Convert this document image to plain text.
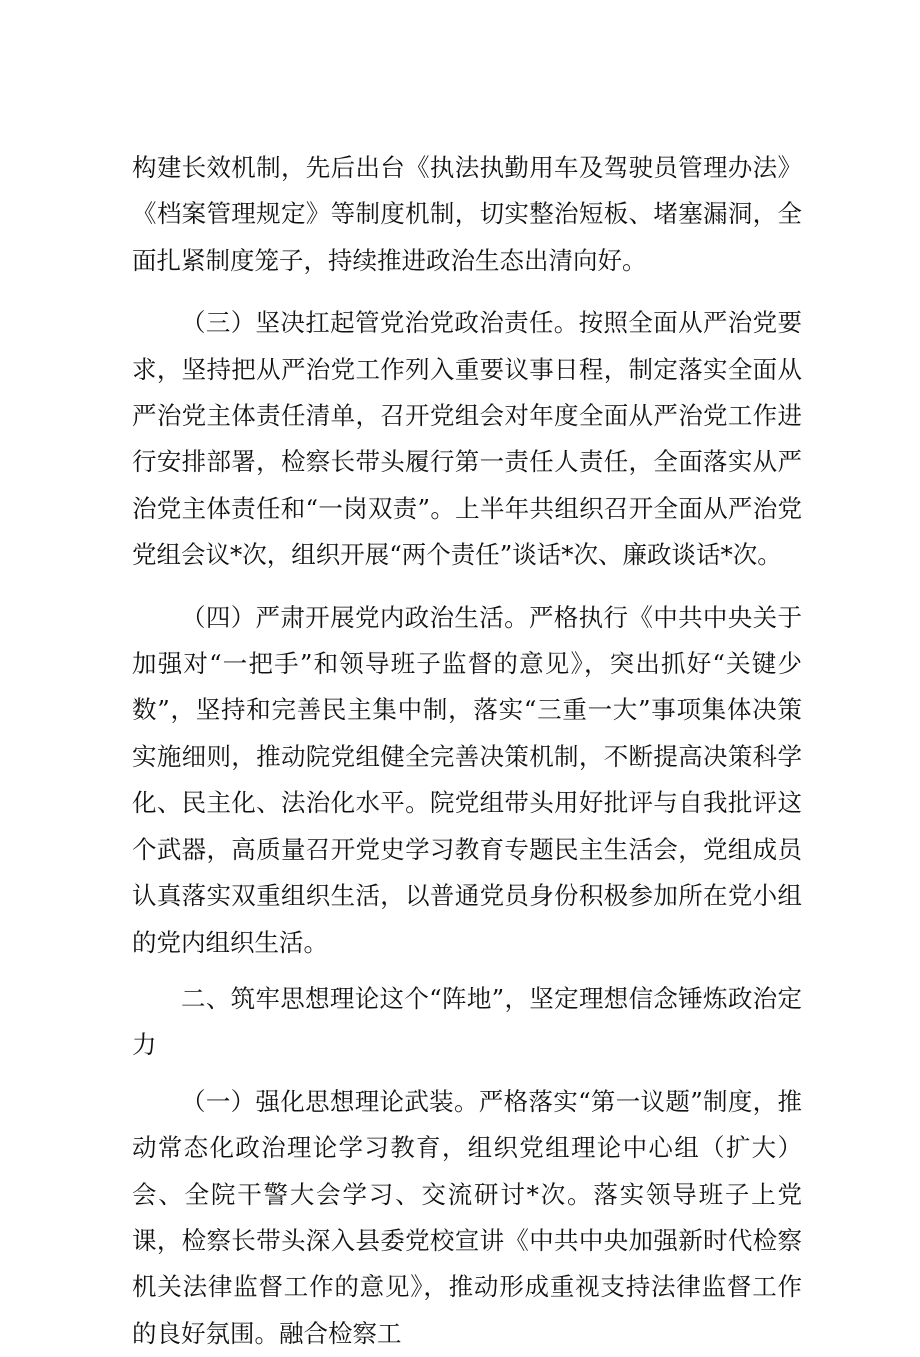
构建长效机制，先后出台《执法执勤用车及驾驶员管理办法》《档案管理规定》等制度机制，切实整治短板、堵塞漏洞，全面扎紧制度笼子，持续推进政治生态出清向好。

（三）坚决扛起管党治党政治责任。按照全面从严治党要求，坚持把从严治党工作列入重要议事日程，制定落实全面从严治党主体责任清单，召开党组会对年度全面从严治党工作进行安排部署，检察长带头履行第一责任人责任，全面落实从严治党主体责任和“一岗双责”。上半年共组织召开全面从严治党党组会议*次，组织开展“两个责任”谈话*次、廉政谈话*次。

（四）严肃开展党内政治生活。严格执行《中共中央关于加强对“一把手”和领导班子监督的意见》，突出抓好“关键少数”，坚持和完善民主集中制，落实“三重一大”事项集体决策实施细则，推动院党组健全完善决策机制，不断提高决策科学化、民主化、法治化水平。院党组带头用好批评与自我批评这个武器，高质量召开党史学习教育专题民主生活会，党组成员认真落实双重组织生活，以普通党员身份积极参加所在党小组的党内组织生活。

二、筑牢思想理论这个“阵地”，坚定理想信念锤炼政治定力

（一）强化思想理论武装。严格落实“第一议题”制度，推动常态化政治理论学习教育，组织党组理论中心组（扩大）会、全院干警大会学习、交流研讨*次。落实领导班子上党课，检察长带头深入县委党校宣讲《中共中央加强新时代检察机关法律监督工作的意见》，推动形成重视支持法律监督工作的良好氛围。融合检察工
